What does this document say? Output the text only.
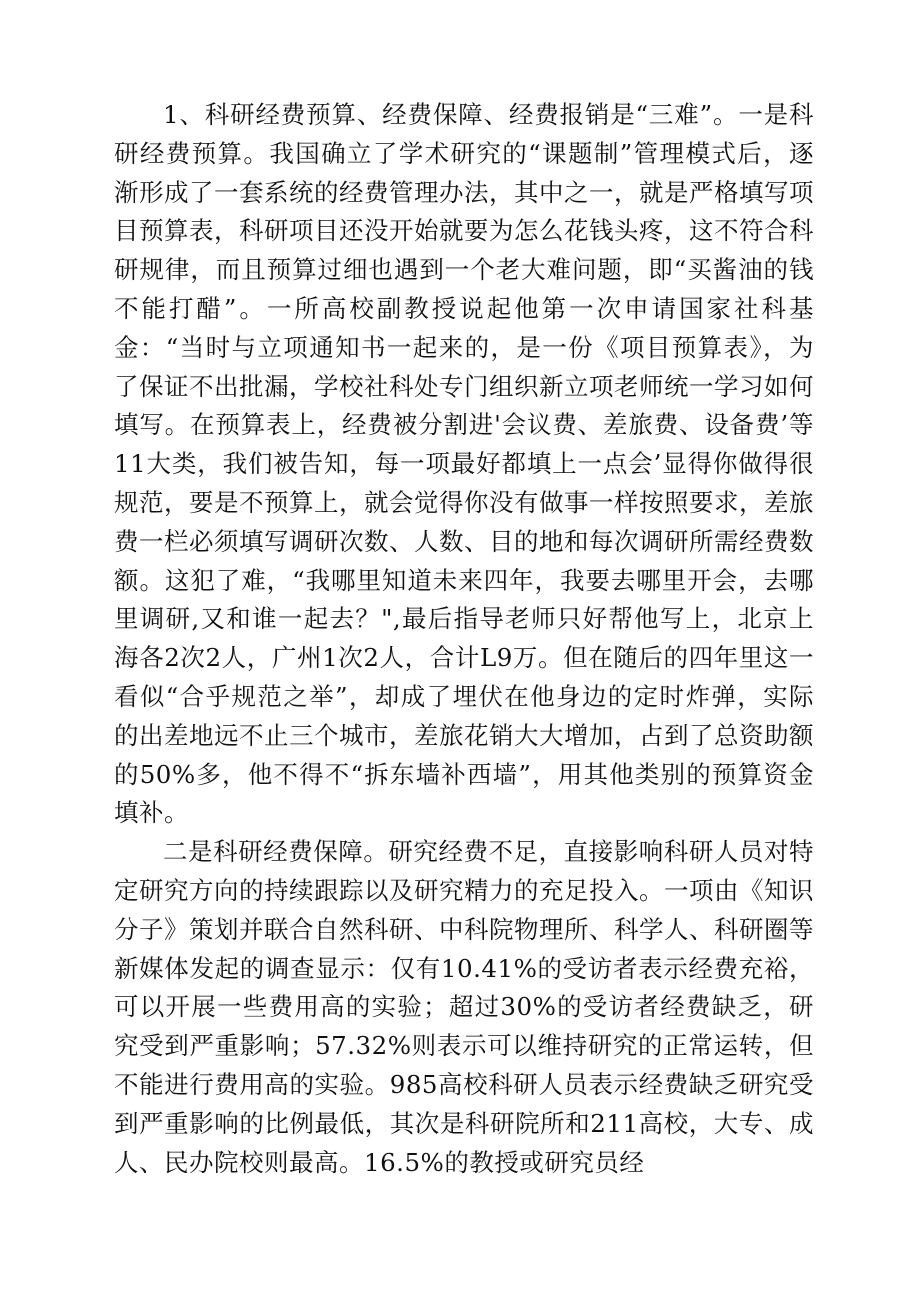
1、科研经费预算、经费保障、经费报销是“三难”。一是科研经费预算。我国确立了学术研究的“课题制”管理模式后，逐渐形成了一套系统的经费管理办法，其中之一，就是严格填写项目预算表，科研项目还没开始就要为怎么花钱头疼，这不符合科研规律，而且预算过细也遇到一个老大难问题，即“买酱油的钱不能打醋”。一所高校副教授说起他第一次申请国家社科基金：“当时与立项通知书一起来的，是一份《项目预算表》，为了保证不出批漏，学校社科处专门组织新立项老师统一学习如何填写。在预算表上，经费被分割进'会议费、差旅费、设备费’等11大类，我们被告知，每一项最好都填上一点会’显得你做得很规范，要是不预算上，就会觉得你没有做事一样按照要求，差旅费一栏必须填写调研次数、人数、目的地和每次调研所需经费数额。这犯了难，“我哪里知道未来四年，我要去哪里开会，去哪里调研,又和谁一起去？",最后指导老师只好帮他写上，北京上海各2次2人，广州1次2人，合计L9万。但在随后的四年里这一看似“合乎规范之举”，却成了埋伏在他身边的定时炸弹，实际的出差地远不止三个城市，差旅花销大大增加，占到了总资助额的50%多，他不得不“拆东墙补西墙”，用其他类别的预算资金填补。

二是科研经费保障。研究经费不足，直接影响科研人员对特定研究方向的持续跟踪以及研究精力的充足投入。一项由《知识分子》策划并联合自然科研、中科院物理所、科学人、科研圈等新媒体发起的调查显示：仅有10.41%的受访者表示经费充裕，可以开展一些费用高的实验；超过30%的受访者经费缺乏，研究受到严重影响；57.32%则表示可以维持研究的正常运转，但不能进行费用高的实验。985高校科研人员表示经费缺乏研究受到严重影响的比例最低，其次是科研院所和211高校，大专、成人、民办院校则最高。16.5%的教授或研究员经
